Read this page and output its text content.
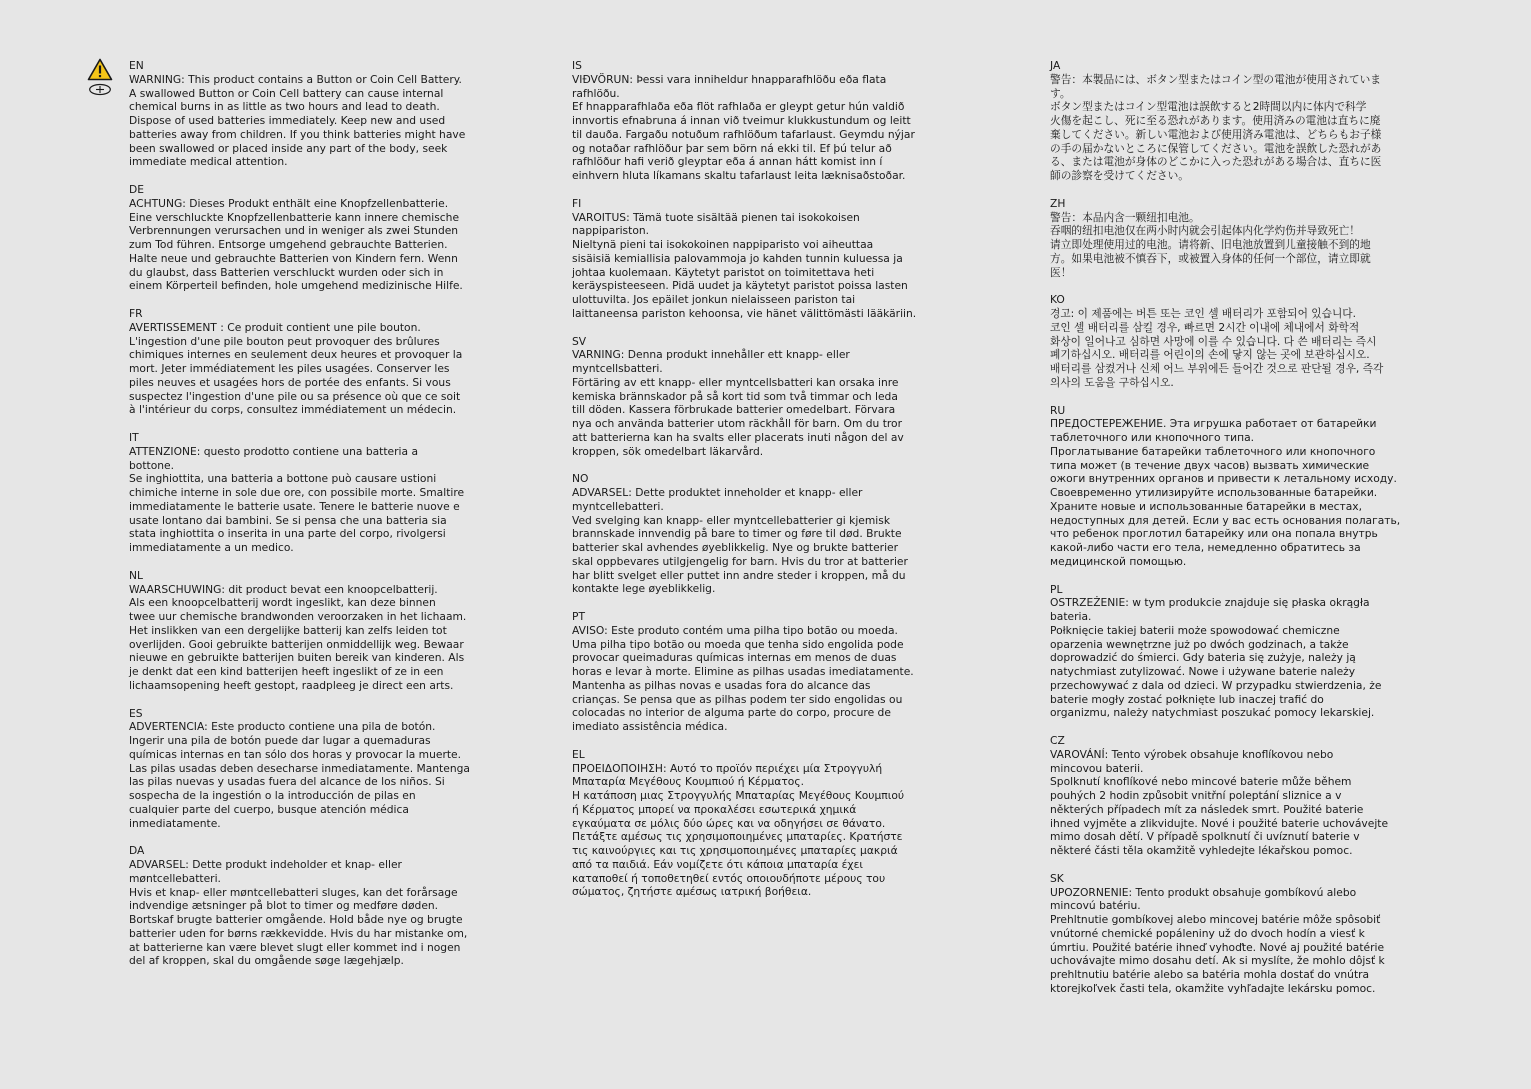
EN
WARNING: This product contains a Button or Coin Cell Battery.
A swallowed Button or Coin Cell battery can cause internal
chemical burns in as little as two hours and lead to death.
Dispose of used batteries immediately. Keep new and used
batteries away from children. If you think batteries might have
been swallowed or placed inside any part of the body, seek
immediate medical attention.
DE
ACHTUNG: Dieses Produkt enthält eine Knopfzellenbatterie.
Eine verschluckte Knopfzellenbatterie kann innere chemische
Verbrennungen verursachen und in weniger als zwei Stunden
zum Tod führen. Entsorge umgehend gebrauchte Batterien.
Halte neue und gebrauchte Batterien von Kindern fern. Wenn
du glaubst, dass Batterien verschluckt wurden oder sich in
einem Körperteil befinden, hole umgehend medizinische Hilfe.
FR
AVERTISSEMENT : Ce produit contient une pile bouton.
L'ingestion d'une pile bouton peut provoquer des brûlures
chimiques internes en seulement deux heures et provoquer la
mort. Jeter immédiatement les piles usagées. Conserver les
piles neuves et usagées hors de portée des enfants. Si vous
suspectez l'ingestion d'une pile ou sa présence où que ce soit
à l'intérieur du corps, consultez immédiatement un médecin.
IT
ATTENZIONE: questo prodotto contiene una batteria a
bottone.
Se inghiottita, una batteria a bottone può causare ustioni
chimiche interne in sole due ore, con possibile morte. Smaltire
immediatamente le batterie usate. Tenere le batterie nuove e
usate lontano dai bambini. Se si pensa che una batteria sia
stata inghiottita o inserita in una parte del corpo, rivolgersi
immediatamente a un medico.
NL
WAARSCHUWING: dit product bevat een knoopcelbatterij.
Als een knoopcelbatterij wordt ingeslikt, kan deze binnen
twee uur chemische brandwonden veroorzaken in het lichaam.
Het inslikken van een dergelijke batterij kan zelfs leiden tot
overlijden. Gooi gebruikte batterijen onmiddellijk weg. Bewaar
nieuwe en gebruikte batterijen buiten bereik van kinderen. Als
je denkt dat een kind batterijen heeft ingeslikt of ze in een
lichaamsopening heeft gestopt, raadpleeg je direct een arts.
ES
ADVERTENCIA: Este producto contiene una pila de botón.
Ingerir una pila de botón puede dar lugar a quemaduras
químicas internas en tan sólo dos horas y provocar la muerte.
Las pilas usadas deben desecharse inmediatamente. Mantenga
las pilas nuevas y usadas fuera del alcance de los niños. Si
sospecha de la ingestión o la introducción de pilas en
cualquier parte del cuerpo, busque atención médica
inmediatamente.
DA
ADVARSEL: Dette produkt indeholder et knap- eller
møntcellebatteri.
Hvis et knap- eller møntcellebatteri sluges, kan det forårsage
indvendige ætsninger på blot to timer og medføre døden.
Bortskaf brugte batterier omgående. Hold både nye og brugte
batterier uden for børns rækkevidde. Hvis du har mistanke om,
at batterierne kan være blevet slugt eller kommet ind i nogen
del af kroppen, skal du omgående søge lægehjælp.
IS
VIÐVÖRUN: Þessi vara inniheldur hnapparafhlöðu eða flata
rafhlöðu.
Ef hnapparafhlaða eða flöt rafhlaða er gleypt getur hún valdið
innvortis efnabruna á innan við tveimur klukkustundum og leitt
til dauða. Fargaðu notuðum rafhlöðum tafarlaust. Geymdu nýjar
og notaðar rafhlöður þar sem börn ná ekki til. Ef þú telur að
rafhlöður hafi verið gleyptar eða á annan hátt komist inn í
einhvern hluta líkamans skaltu tafarlaust leita læknisaðstoðar.
FI
VAROITUS: Tämä tuote sisältää pienen tai isokokoisen
nappipariston.
Nieltynä pieni tai isokokoinen nappiparisto voi aiheuttaa
sisäisiä kemiallisia palovammoja jo kahden tunnin kuluessa ja
johtaa kuolemaan. Käytetyt paristot on toimitettava heti
keräyspisteeseen. Pidä uudet ja käytetyt paristot poissa lasten
ulottuvilta. Jos epäilet jonkun nielaisseen pariston tai
laittaneensa pariston kehoonsa, vie hänet välittömästi lääkäriin.
SV
VARNING: Denna produkt innehåller ett knapp- eller
myntcellsbatteri.
Förtäring av ett knapp- eller myntcellsbatteri kan orsaka inre
kemiska brännskador på så kort tid som två timmar och leda
till döden. Kassera förbrukade batterier omedelbart. Förvara
nya och använda batterier utom räckhåll för barn. Om du tror
att batterierna kan ha svalts eller placerats inuti någon del av
kroppen, sök omedelbart läkarvård.
NO
ADVARSEL: Dette produktet inneholder et knapp- eller
myntcellebatteri.
Ved svelging kan knapp- eller myntcellebatterier gi kjemisk
brannskade innvendig på bare to timer og føre til død. Brukte
batterier skal avhendes øyeblikkelig. Nye og brukte batterier
skal oppbevares utilgjengelig for barn. Hvis du tror at batterier
har blitt svelget eller puttet inn andre steder i kroppen, må du
kontakte lege øyeblikkelig.
PT
AVISO: Este produto contém uma pilha tipo botão ou moeda.
Uma pilha tipo botão ou moeda que tenha sido engolida pode
provocar queimaduras químicas internas em menos de duas
horas e levar à morte. Elimine as pilhas usadas imediatamente.
Mantenha as pilhas novas e usadas fora do alcance das
crianças. Se pensa que as pilhas podem ter sido engolidas ou
colocadas no interior de alguma parte do corpo, procure de
imediato assistência médica.
EL
ΠΡΟΕΙΔΟΠΟΙΗΣΗ: Αυτό το προϊόν περιέχει μία Στρογγυλή
Μπαταρία Μεγέθους Κουμπιού ή Κέρματος.
Η κατάποση μιας Στρογγυλής Μπαταρίας Μεγέθους Κουμπιού
ή Κέρματος μπορεί να προκαλέσει εσωτερικά χημικά
εγκαύματα σε μόλις δύο ώρες και να οδηγήσει σε θάνατο.
Πετάξτε αμέσως τις χρησιμοποιημένες μπαταρίες. Κρατήστε
τις καινούργιες και τις χρησιμοποιημένες μπαταρίες μακριά
από τα παιδιά. Εάν νομίζετε ότι κάποια μπαταρία έχει
καταποθεί ή τοποθετηθεί εντός οποιουδήποτε μέρους του
σώματος, ζητήστε αμέσως ιατρική βοήθεια.
JA
警告：本製品には、ボタン型またはコイン型の電池が使用されていま
す。
ボタン型またはコイン型電池は誤飲すると2時間以内に体内で科学
火傷を起こし、死に至る恐れがあります。使用済みの電池は直ちに廃
棄してください。新しい電池および使用済み電池は、どちらもお子様
の手の届かないところに保管してください。電池を誤飲した恐れがあ
る、または電池が身体のどこかに入った恐れがある場合は、直ちに医
師の診察を受けてください。
ZH
警告：本品内含一颗纽扣电池。
吞咽的纽扣电池仅在两小时内就会引起体内化学灼伤并导致死亡！
请立即处理使用过的电池。请将新、旧电池放置到儿童接触不到的地
方。如果电池被不慎吞下，或被置入身体的任何一个部位，请立即就
医！
KO
경고: 이 제품에는 버튼 또는 코인 셀 배터리가 포함되어 있습니다.
코인 셀 배터리를 삼킬 경우, 빠르면 2시간 이내에 체내에서 화학적
화상이 일어나고 심하면 사망에 이를 수 있습니다. 다 쓴 배터리는 즉시
폐기하십시오. 배터리를 어린이의 손에 닿지 않는 곳에 보관하십시오.
배터리를 삼켰거나 신체 어느 부위에든 들어간 것으로 판단될 경우, 즉각
의사의 도움을 구하십시오.
RU
ПРЕДОСТЕРЕЖЕНИЕ. Эта игрушка работает от батарейки
таблеточного или кнопочного типа.
Проглатывание батарейки таблеточного или кнопочного
типа может (в течение двух часов) вызвать химические
ожоги внутренних органов и привести к летальному исходу.
Своевременно утилизируйте использованные батарейки.
Храните новые и использованные батарейки в местах,
недоступных для детей. Если у вас есть основания полагать,
что ребенок проглотил батарейку или она попала внутрь
какой-либо части его тела, немедленно обратитесь за
медицинской помощью.
PL
OSTRZEŻENIE: w tym produkcie znajduje się płaska okrągła
bateria.
Połknięcie takiej baterii może spowodować chemiczne
oparzenia wewnętrzne już po dwóch godzinach, a także
doprowadzić do śmierci. Gdy bateria się zużyje, należy ją
natychmiast zutylizować. Nowe i używane baterie należy
przechowywać z dala od dzieci. W przypadku stwierdzenia, że
baterie mogły zostać połknięte lub inaczej trafić do
organizmu, należy natychmiast poszukać pomocy lekarskiej.
CZ
VAROVÁNÍ: Tento výrobek obsahuje knoflíkovou nebo
mincovou baterii.
Spolknutí knoflíkové nebo mincové baterie může během
pouhých 2 hodin způsobit vnitřní poleptání sliznice a v
některých případech mít za následek smrt. Použité baterie
ihned vyjměte a zlikvidujte. Nové i použité baterie uchovávejte
mimo dosah dětí. V případě spolknutí či uvíznutí baterie v
některé části těla okamžitě vyhledejte lékařskou pomoc.
SK
UPOZORNENIE: Tento produkt obsahuje gombíkovú alebo
mincovú batériu.
Prehltnutie gombíkovej alebo mincovej batérie môže spôsobiť
vnútorné chemické popáleniny už do dvoch hodín a viesť k
úmrtiu. Použité batérie ihneď vyhoďte. Nové aj použité batérie
uchovávajte mimo dosahu detí. Ak si myslíte, že mohlo dôjsť k
prehltnutiu batérie alebo sa batéria mohla dostať do vnútra
ktorejkoľvek časti tela, okamžite vyhľadajte lekársku pomoc.
